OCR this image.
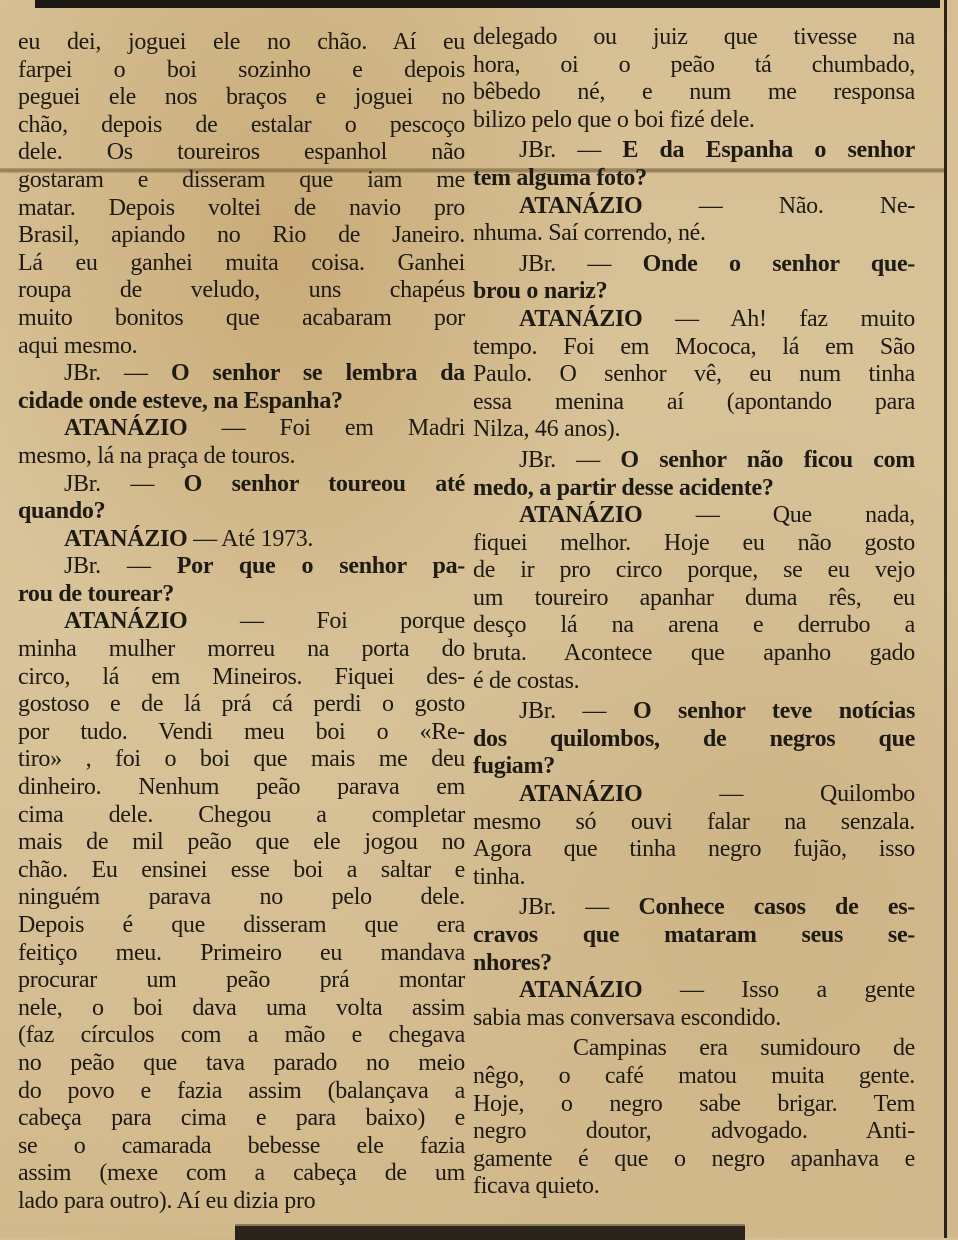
eu dei, joguei ele no chão. Aí eu
farpei o boi sozinho e depois
peguei ele nos braços e joguei no
chão, depois de estalar o pescoço
dele. Os toureiros espanhol não
gostaram e disseram que iam me
matar. Depois voltei de navio pro
Brasil, apiando no Rio de Janeiro.
Lá eu ganhei muita coisa. Ganhei
roupa de veludo, uns chapéus
muito bonitos que acabaram por
aqui mesmo.
JBr. — O senhor se lembra da
cidade onde esteve, na Espanha?
ATANÁZIO — Foi em Madri
mesmo, lá na praça de touros.
JBr. — O senhor toureou até
quando?
ATANÁZIO — Até 1973.
JBr. — Por que o senhor pa-
rou de tourear?
ATANÁZIO — Foi porque
minha mulher morreu na porta do
circo, lá em Mineiros. Fiquei des-
gostoso e de lá prá cá perdi o gosto
por tudo. Vendi meu boi o «Re-
tiro» , foi o boi que mais me deu
dinheiro. Nenhum peão parava em
cima dele. Chegou a completar
mais de mil peão que ele jogou no
chão. Eu ensinei esse boi a saltar e
ninguém parava no pelo dele.
Depois é que disseram que era
feitiço meu. Primeiro eu mandava
procurar um peão prá montar
nele, o boi dava uma volta assim
(faz círculos com a mão e chegava
no peão que tava parado no meio
do povo e fazia assim (balançava a
cabeça para cima e para baixo) e
se o camarada bebesse ele fazia
assim (mexe com a cabeça de um
lado para outro). Aí eu dizia pro
delegado ou juiz que tivesse na
hora, oi o peão tá chumbado,
bêbedo né, e num me responsa
bilizo pelo que o boi fizé dele.
JBr. — E da Espanha o senhor
tem alguma foto?
ATANÁZIO — Não. Ne-
nhuma. Saí correndo, né.
JBr. — Onde o senhor que-
brou o nariz?
ATANÁZIO — Ah! faz muito
tempo. Foi em Mococa, lá em São
Paulo. O senhor vê, eu num tinha
essa menina aí (apontando para
Nilza, 46 anos).
JBr. — O senhor não ficou com
medo, a partir desse acidente?
ATANÁZIO — Que nada,
fiquei melhor. Hoje eu não gosto
de ir pro circo porque, se eu vejo
um toureiro apanhar duma rês, eu
desço lá na arena e derrubo a
bruta. Acontece que apanho gado
é de costas.
JBr. — O senhor teve notícias
dos quilombos, de negros que
fugiam?
ATANÁZIO — Quilombo
mesmo só ouvi falar na senzala.
Agora que tinha negro fujão, isso
tinha.
JBr. — Conhece casos de es-
cravos que mataram seus se-
nhores?
ATANÁZIO — Isso a gente
sabia mas conversava escondido.
Campinas era sumidouro de
nêgo, o café matou muita gente.
Hoje, o negro sabe brigar. Tem
negro doutor, advogado. Anti-
gamente é que o negro apanhava e
ficava quieto.
